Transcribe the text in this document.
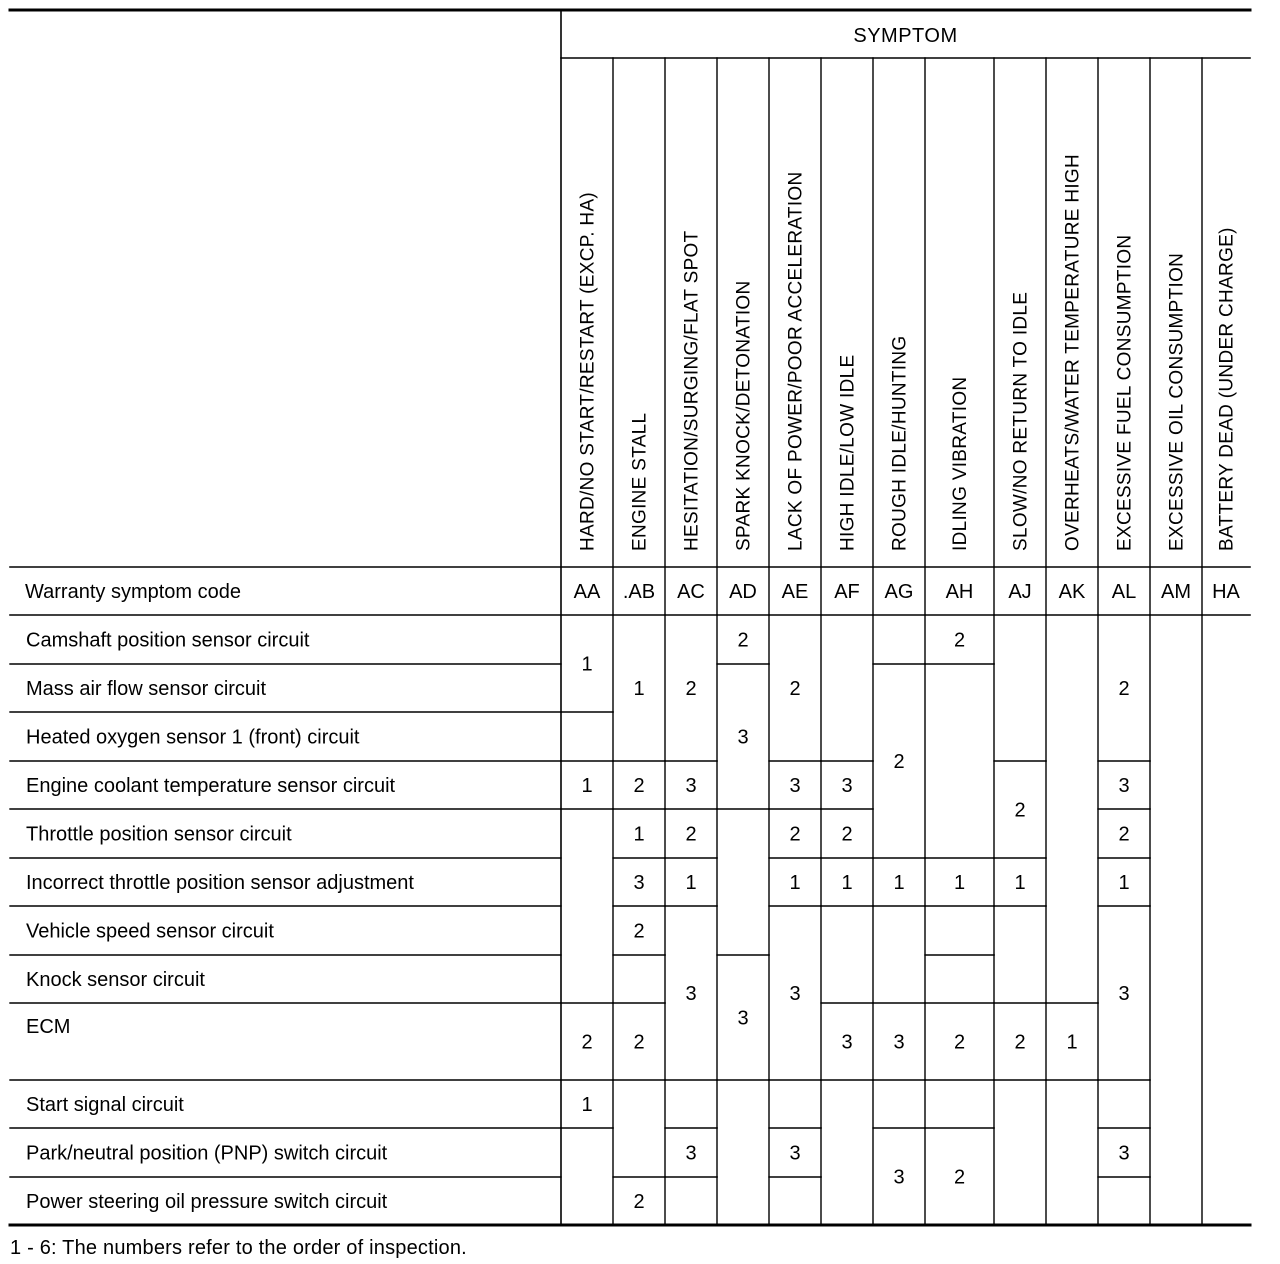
SYMPTOM
HARD/NO START/RESTART (EXCP. HA)
AA
ENGINE STALL
.AB
HESITATION/SURGING/FLAT SPOT
AC
SPARK KNOCK/DETONATION
AD
LACK OF POWER/POOR ACCELERATION
AE
HIGH IDLE/LOW IDLE
AF
ROUGH IDLE/HUNTING
AG
IDLING VIBRATION
AH
SLOW/NO RETURN TO IDLE
AJ
OVERHEATS/WATER TEMPERATURE HIGH
AK
EXCESSIVE FUEL CONSUMPTION
AL
EXCESSIVE OIL CONSUMPTION
AM
BATTERY DEAD (UNDER CHARGE)
HA
Warranty symptom code
Camshaft position sensor circuit
Mass air flow sensor circuit
Heated oxygen sensor 1 (front) circuit
Engine coolant temperature sensor circuit
Throttle position sensor circuit
Incorrect throttle position sensor adjustment
Vehicle speed sensor circuit
Knock sensor circuit
ECM
Start signal circuit
Park/neutral position (PNP) switch circuit
Power steering oil pressure switch circuit
1
1
2
1
1
2
1
3
2
2
2
2
3
2
1
3
3
2
3
3
2
3
2
1
3
3
3
2
1
3
2
1
3
3
2
1
2
2
2
1
2 1
2
3
2
1
3
3
1 - 6: The numbers refer to the order of inspection.
